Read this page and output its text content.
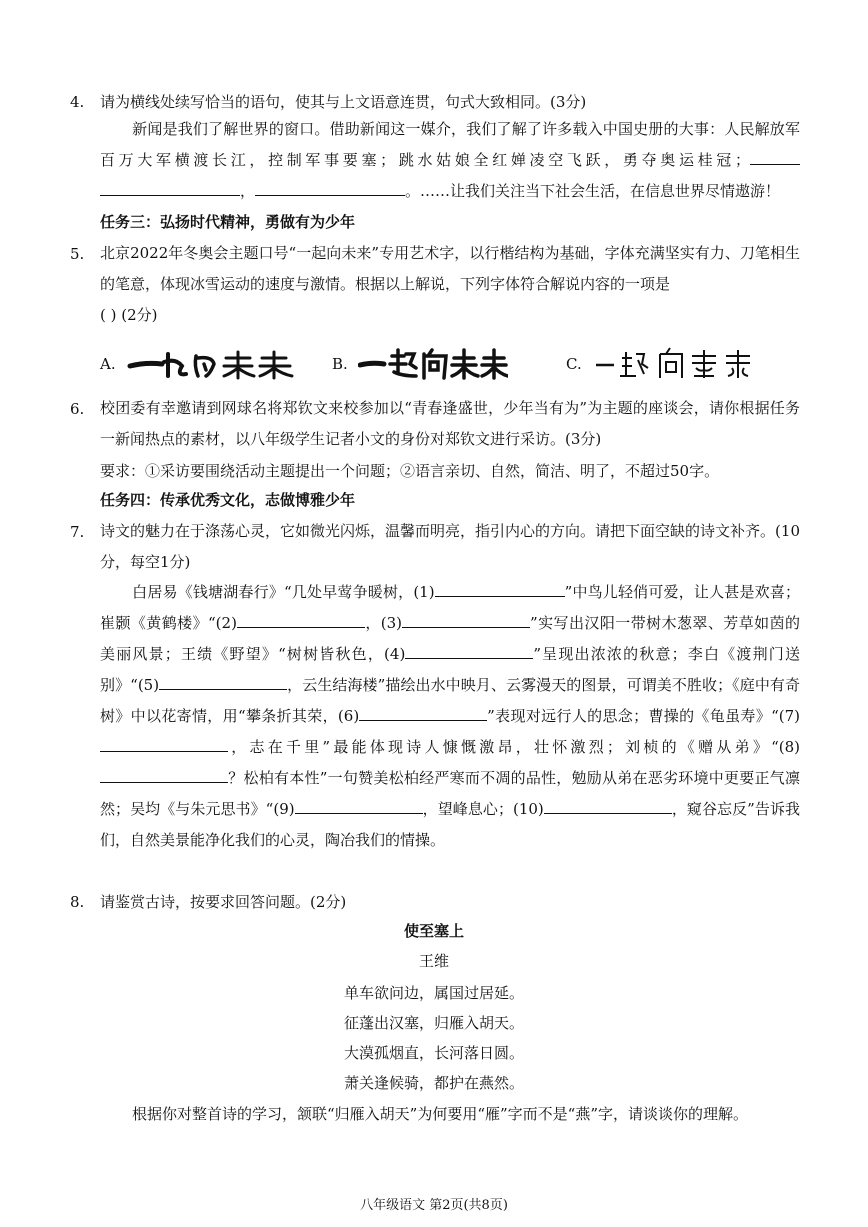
4. 请为横线处续写恰当的语句，使其与上文语意连贯，句式大致相同。(3分)
新闻是我们了解世界的窗口。借助新闻这一媒介，我们了解了许多载入中国史册的大事：人民解放军百万大军横渡长江，控制军事要塞；跳水姑娘全红婵凌空飞跃，勇夺奥运桂冠； ，	。……让我们关注当下社会生活，在信息世界尽情遨游！
任务三：弘扬时代精神，勇做有为少年
5. 北京2022年冬奥会主题口号“一起向未来”专用艺术字，以行楷结构为基础，字体充满坚实有力、刀笔相生的笔意，体现冰雪运动的速度与激情。根据以上解说，下列字体符合解说内容的一项是
( ) (2分)
A.	B.	C.
6. 校团委有幸邀请到网球名将郑钦文来校参加以“青春逢盛世，少年当有为”为主题的座谈会，请你根据任务一新闻热点的素材，以八年级学生记者小文的身份对郑钦文进行采访。(3分)
要求：①采访要围绕活动主题提出一个问题；②语言亲切、自然，简洁、明了，不超过50字。
任务四：传承优秀文化，志做博雅少年
7. 诗文的魅力在于涤荡心灵，它如微光闪烁，温馨而明亮，指引内心的方向。请把下面空缺的诗文补齐。(10分，每空1分)
白居易《钱塘湖春行》“几处早莺争暖树，(1)	”中鸟儿轻俏可爱，让人甚是欢喜；崔颢《黄鹤楼》“(2)	，(3)	”实写出汉阳一带树木葱翠、芳草如茵的美丽风景；王绩《野望》“树树皆秋色，(4)	”呈现出浓浓的秋意；李白《渡荆门送别》“(5)	，云生结海楼”描绘出水中映月、云雾漫天的图景，可谓美不胜收；《庭中有奇树》中以花寄情，用“攀条折其荣，(6)	”表现对远行人的思念；曹操的《龟虽寿》“(7)，志在千里”最能体现诗人慷慨激昂，壮怀激烈；刘桢的《赠从弟》“(8)？松柏有本性”一句赞美松柏经严寒而不凋的品性，勉励从弟在恶劣环境中更要正气凛然；吴均《与朱元思书》“(9)	，望峰息心；(10)	，窥谷忘反”告诉我们，自然美景能净化我们的心灵，陶冶我们的情操。
8. 请鉴赏古诗，按要求回答问题。(2分)
使至塞上
王维
单车欲问边，属国过居延。
征蓬出汉塞，归雁入胡天。
大漠孤烟直，长河落日圆。
萧关逢候骑，都护在燕然。
根据你对整首诗的学习，颔联“归雁入胡天”为何要用“雁”字而不是“燕”字，请谈谈你的理解。
八年级语文 第2页(共8页)
